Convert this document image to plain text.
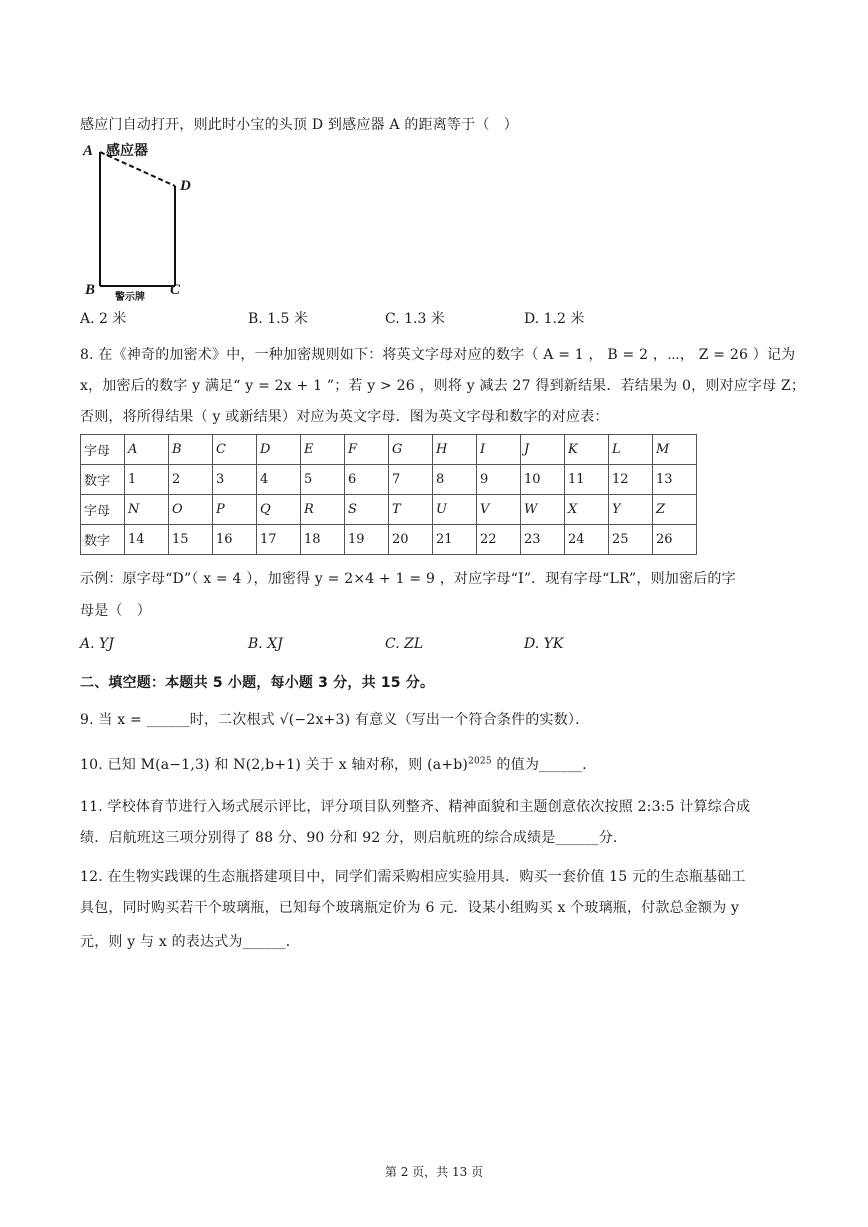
感应门自动打开，则此时小宝的头顶 D 到感应器 A 的距离等于（　）
A 感应器
D
B	C
警示牌
A. 2 米	B. 1.5 米	C. 1.3 米	D. 1.2 米
8. 在《神奇的加密术》中，一种加密规则如下：将英文字母对应的数字（ A = 1 ， B = 2 ，⋯， Z = 26 ）记为
x，加密后的数字 y 满足“ y = 2x + 1 ”；若 y > 26 ，则将 y 减去 27 得到新结果．若结果为 0，则对应字母 Z；
否则，将所得结果（ y 或新结果）对应为英文字母．图为英文字母和数字的对应表：
字母	A	B	C	D	E	F	G	H	I	J	K	L	M
数字	1	2	3	4	5	6	7	8	9	10	11	12	13
字母	N	O	P	Q	R	S	T	U	V	W	X	Y	Z
数字	14	15	16	17	18	19	20	21	22	23	24	25	26
示例：原字母“D”（ x = 4 ），加密得 y = 2×4 + 1 = 9 ，对应字母“I”．现有字母“LR”，则加密后的字
母是（　）
A. YJ	B. XJ	C. ZL	D. YK
二、填空题：本题共 5 小题，每小题 3 分，共 15 分。
9. 当 x = ______时，二次根式 √(−2x+3) 有意义（写出一个符合条件的实数）．
10. 已知 M(a−1,3) 和 N(2,b+1) 关于 x 轴对称，则 $(a+b)^{2025}$ 的值为______．
11. 学校体育节进行入场式展示评比，评分项目队列整齐、精神面貌和主题创意依次按照 2:3:5 计算综合成
绩．启航班这三项分别得了 88 分、90 分和 92 分，则启航班的综合成绩是______分．
12. 在生物实践课的生态瓶搭建项目中，同学们需采购相应实验用具．购买一套价值 15 元的生态瓶基础工
具包，同时购买若干个玻璃瓶，已知每个玻璃瓶定价为 6 元．设某小组购买 x 个玻璃瓶，付款总金额为 y
元，则 y 与 x 的表达式为______．
第 2 页，共 13 页
